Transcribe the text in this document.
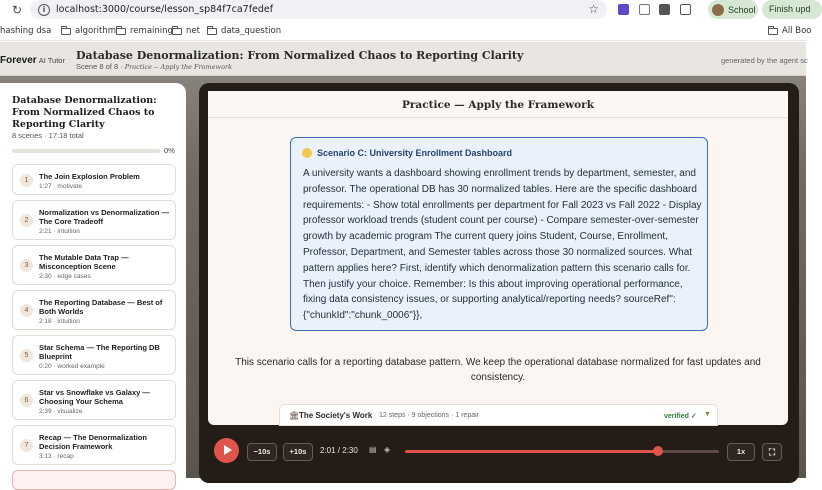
↻	i	localhost:3000/course/lesson_sp84f7ca7fedef	☆	School	Finish upd
hashing dsa	algorithm remaining net data_question	All Boo
Forever AI Tutor Database Denormalization: From Normalized Chaos to Reporting Clarity
Scene 8 of 8 · Practice -- Apply the Framework
generated by the agent sc
Database Denormalization: From Normalized Chaos to Reporting Clarity
8 scenes · 17:18 total
0%
1	The Join Explosion Problem
1:27 · motivate
2
Normalization vs Denormalization — The Core Tradeoff
2:21 · intuition
3
The Mutable Data Trap — Misconception Scene
2:30 · edge cases
4
The Reporting Database — Best of Both Worlds
2:18 · intuition
5
Star Schema — The Reporting DB Blueprint
0:20 · worked example
6
Star vs Snowflake vs Galaxy — Choosing Your Schema
2:39 · visualize
7
Recap — The Denormalization Decision Framework
3:13 · recap
Practice — Apply the Framework
Scenario C: University Enrollment Dashboard
A university wants a dashboard showing enrollment trends by department, semester, and professor. The operational DB has 30 normalized tables. Here are the specific dashboard requirements: - Show total enrollments per department for Fall 2023 vs Fall 2022 - Display professor workload trends (student count per course) - Compare semester-over-semester growth by academic program The current query joins Student, Course, Enrollment, Professor, Department, and Semester tables across those 30 normalized sources. What pattern applies here? First, identify which denormalization pattern this scenario calls for. Then justify your choice. Remember: Is this about improving operational performance, fixing data consistency issues, or supporting analytical/reporting needs? sourceRef":{"chunkId":"chunk_0006"}},
This scenario calls for a reporting database pattern. We keep the operational database normalized for fast updates and consistency.
🏛 The Society's Work 12 steps · 9 objections · 1 repair	verified ✓ ▼
−10s	+10s	2:01 / 2:30 ▤ ◈	1x	⛶
